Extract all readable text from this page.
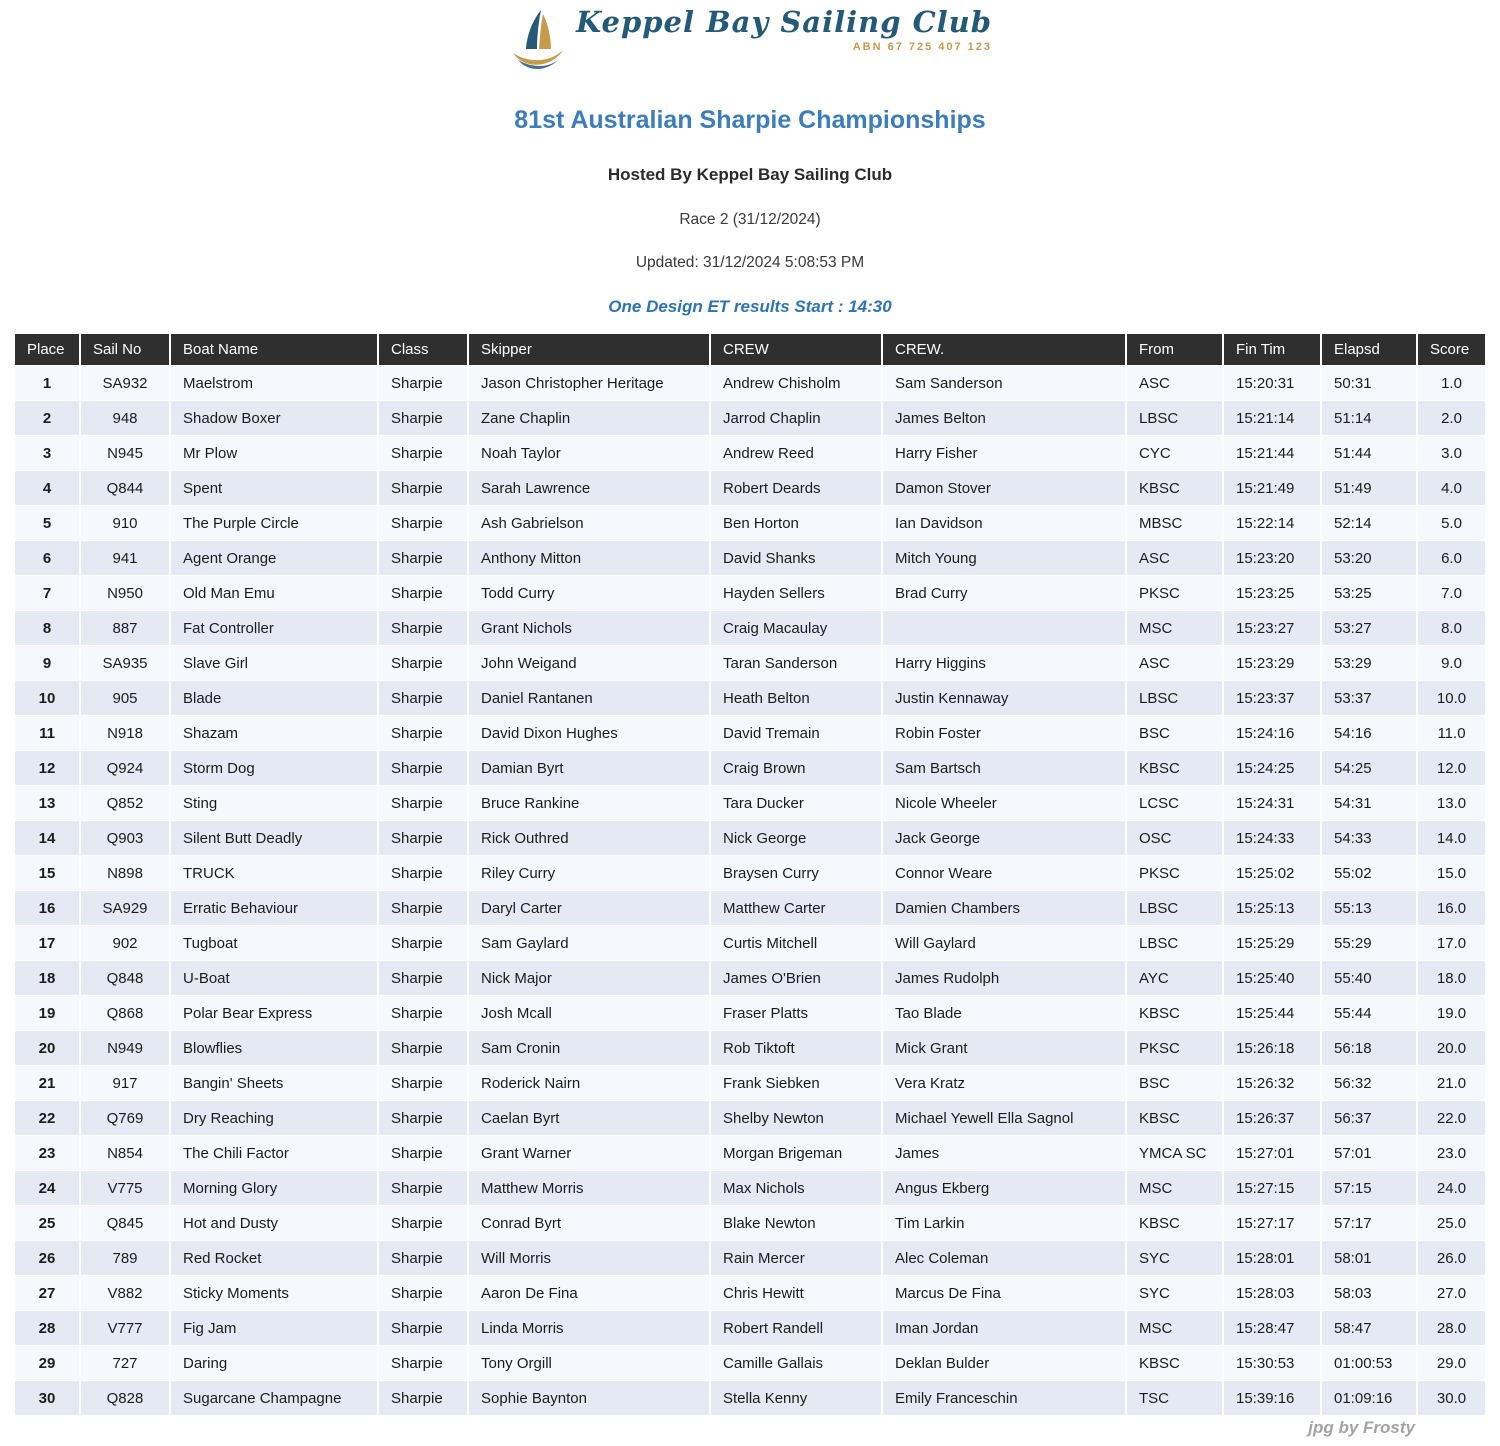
Keppel Bay Sailing Club
ABN 67 725 407 123
81st Australian Sharpie Championships
Hosted By Keppel Bay Sailing Club
Race 2 (31/12/2024)
Updated: 31/12/2024 5:08:53 PM
One Design ET results Start : 14:30
Place	Sail No	Boat Name	Class	Skipper	CREW	CREW.	From	Fin Tim	Elapsd	Score
1	SA932	Maelstrom	Sharpie	Jason Christopher Heritage	Andrew Chisholm	Sam Sanderson	ASC	15:20:31	50:31	1.0
2	948	Shadow Boxer	Sharpie	Zane Chaplin	Jarrod Chaplin	James Belton	LBSC	15:21:14	51:14	2.0
3	N945	Mr Plow	Sharpie	Noah Taylor	Andrew Reed	Harry Fisher	CYC	15:21:44	51:44	3.0
4	Q844	Spent	Sharpie	Sarah Lawrence	Robert Deards	Damon Stover	KBSC	15:21:49	51:49	4.0
5	910	The Purple Circle	Sharpie	Ash Gabrielson	Ben Horton	Ian Davidson	MBSC	15:22:14	52:14	5.0
6	941	Agent Orange	Sharpie	Anthony Mitton	David Shanks	Mitch Young	ASC	15:23:20	53:20	6.0
7	N950	Old Man Emu	Sharpie	Todd Curry	Hayden Sellers	Brad Curry	PKSC	15:23:25	53:25	7.0
8	887	Fat Controller	Sharpie	Grant Nichols	Craig Macaulay		MSC	15:23:27	53:27	8.0
9	SA935	Slave Girl	Sharpie	John Weigand	Taran Sanderson	Harry Higgins	ASC	15:23:29	53:29	9.0
10	905	Blade	Sharpie	Daniel Rantanen	Heath Belton	Justin Kennaway	LBSC	15:23:37	53:37	10.0
11	N918	Shazam	Sharpie	David Dixon Hughes	David Tremain	Robin Foster	BSC	15:24:16	54:16	11.0
12	Q924	Storm Dog	Sharpie	Damian Byrt	Craig Brown	Sam Bartsch	KBSC	15:24:25	54:25	12.0
13	Q852	Sting	Sharpie	Bruce Rankine	Tara Ducker	Nicole Wheeler	LCSC	15:24:31	54:31	13.0
14	Q903	Silent Butt Deadly	Sharpie	Rick Outhred	Nick George	Jack George	OSC	15:24:33	54:33	14.0
15	N898	TRUCK	Sharpie	Riley Curry	Braysen Curry	Connor Weare	PKSC	15:25:02	55:02	15.0
16	SA929	Erratic Behaviour	Sharpie	Daryl Carter	Matthew Carter	Damien Chambers	LBSC	15:25:13	55:13	16.0
17	902	Tugboat	Sharpie	Sam Gaylard	Curtis Mitchell	Will Gaylard	LBSC	15:25:29	55:29	17.0
18	Q848	U-Boat	Sharpie	Nick Major	James O'Brien	James Rudolph	AYC	15:25:40	55:40	18.0
19	Q868	Polar Bear Express	Sharpie	Josh Mcall	Fraser Platts	Tao Blade	KBSC	15:25:44	55:44	19.0
20	N949	Blowflies	Sharpie	Sam Cronin	Rob Tiktoft	Mick Grant	PKSC	15:26:18	56:18	20.0
21	917	Bangin' Sheets	Sharpie	Roderick Nairn	Frank Siebken	Vera Kratz	BSC	15:26:32	56:32	21.0
22	Q769	Dry Reaching	Sharpie	Caelan Byrt	Shelby Newton	Michael Yewell Ella Sagnol	KBSC	15:26:37	56:37	22.0
23	N854	The Chili Factor	Sharpie	Grant Warner	Morgan Brigeman	James	YMCA SC	15:27:01	57:01	23.0
24	V775	Morning Glory	Sharpie	Matthew Morris	Max Nichols	Angus Ekberg	MSC	15:27:15	57:15	24.0
25	Q845	Hot and Dusty	Sharpie	Conrad Byrt	Blake Newton	Tim Larkin	KBSC	15:27:17	57:17	25.0
26	789	Red Rocket	Sharpie	Will Morris	Rain Mercer	Alec Coleman	SYC	15:28:01	58:01	26.0
27	V882	Sticky Moments	Sharpie	Aaron De Fina	Chris Hewitt	Marcus De Fina	SYC	15:28:03	58:03	27.0
28	V777	Fig Jam	Sharpie	Linda Morris	Robert Randell	Iman Jordan	MSC	15:28:47	58:47	28.0
29	727	Daring	Sharpie	Tony Orgill	Camille Gallais	Deklan Bulder	KBSC	15:30:53	01:00:53	29.0
30	Q828	Sugarcane Champagne	Sharpie	Sophie Baynton	Stella Kenny	Emily Franceschin	TSC	15:39:16	01:09:16	30.0
jpg by Frosty
